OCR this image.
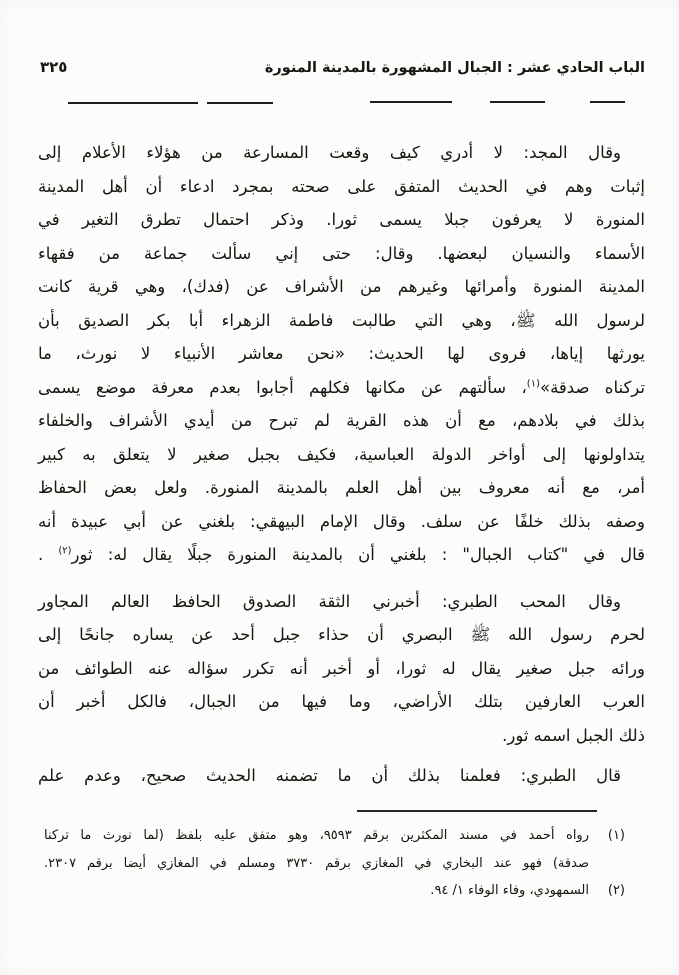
الباب الحادي عشر : الجبال المشهورة بالمدينة المنورة
٣٢٥
وقال المجد: لا أدري كيف وقعت المسارعة من هؤلاء الأعلام إلى
إثبات وهم في الحديث المتفق على صحته بمجرد ادعاء أن أهل المدينة
المنورة لا يعرفون جبلا يسمى ثورا. وذكر احتمال تطرق التغير في
الأسماء والنسيان لبعضها. وقال: حتى إني سألت جماعة من فقهاء
المدينة المنورة وأمرائها وغيرهم من الأشراف عن (فدك)، وهي قرية كانت
لرسول الله ﷺ، وهي التي طالبت فاطمة الزهراء أبا بكر الصديق بأن
يورثها إياها، فروى لها الحديث: «نحن معاشر الأنبياء لا نورث، ما
تركناه صدقة»$^{(١)}$، سألتهم عن مكانها فكلهم أجابوا بعدم معرفة موضع يسمى
بذلك في بلادهم، مع أن هذه القرية لم تبرح من أيدي الأشراف والخلفاء
يتداولونها إلى أواخر الدولة العباسية، فكيف بجبل صغير لا يتعلق به كبير
أمر، مع أنه معروف بين أهل العلم بالمدينة المنورة. ولعل بعض الحفاظ
وصفه بذلك خلفًا عن سلف. وقال الإمام البيهقي: بلغني عن أبي عبيدة أنه
قال في "كتاب الجبال" : بلغني أن بالمدينة المنورة جبلًا يقال له: ثور$^{(٢)}$ .
وقال المحب الطبري: أخبرني الثقة الصدوق الحافظ العالم المجاور
لحرم رسول الله ﷺ البصري أن حذاء جبل أحد عن يساره جانحًا إلى
ورائه جبل صغير يقال له ثورا، أو أخبر أنه تكرر سؤاله عنه الطوائف من
العرب العارفين بتلك الأراضي، وما فيها من الجبال، فالكل أخبر أن
ذلك الجبل اسمه ثور.
قال الطبري: فعلمنا بذلك أن ما تضمنه الحديث صحيح، وعدم علم
(١)
رواه أحمد في مسند المكثرين برقم ٩٥٩٣، وهو متفق عليه بلفظ (لما نورث ما تركنا
صدقة) فهو عند البخاري في المغازي برقم ٣٧٣٠ ومسلم في المغازي أيضا برقم ٢٣٠٧.
(٢)
السمهودي، وفاء الوفاء ١/ ٩٤.
